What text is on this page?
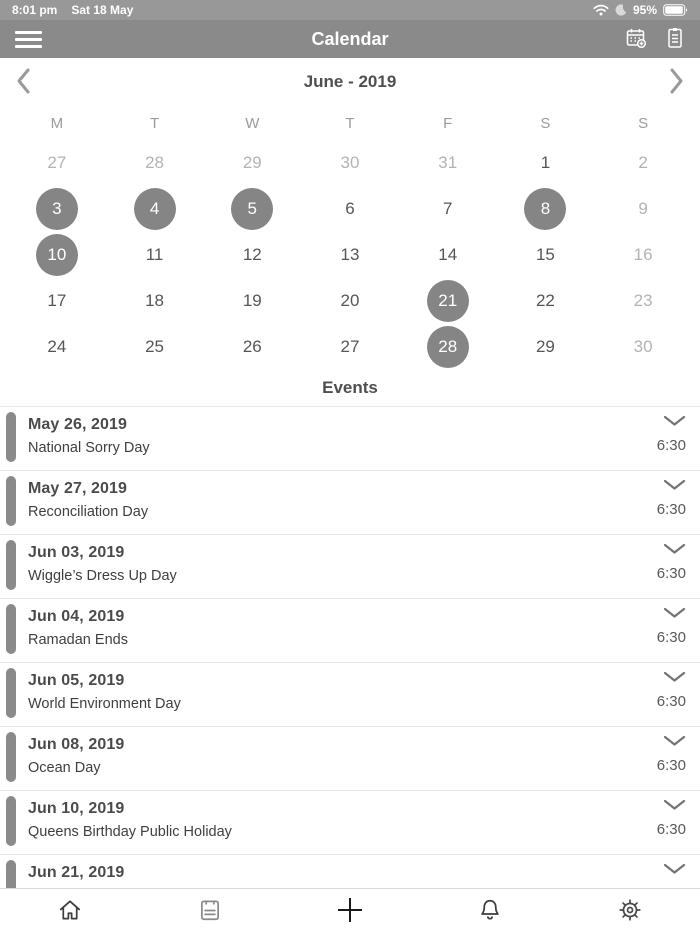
8:01 pm Sat 18 May	95%
Calendar
June - 2019
M	T	W	T	F	S	S
27	28	29	30	31	1	2
3	4	5	6	7	8	9
10	11	12	13	14	15	16
17	18	19	20	21	22	23
24	25	26	27	28	29	30
Events
May 26, 2019
National Sorry Day	6:30
May 27, 2019
Reconciliation Day	6:30
Jun 03, 2019
Wiggle’s Dress Up Day	6:30
Jun 04, 2019
Ramadan Ends	6:30
Jun 05, 2019
World Environment Day	6:30
Jun 08, 2019
Ocean Day	6:30
Jun 10, 2019
Queens Birthday Public Holiday	6:30
Jun 21, 2019
